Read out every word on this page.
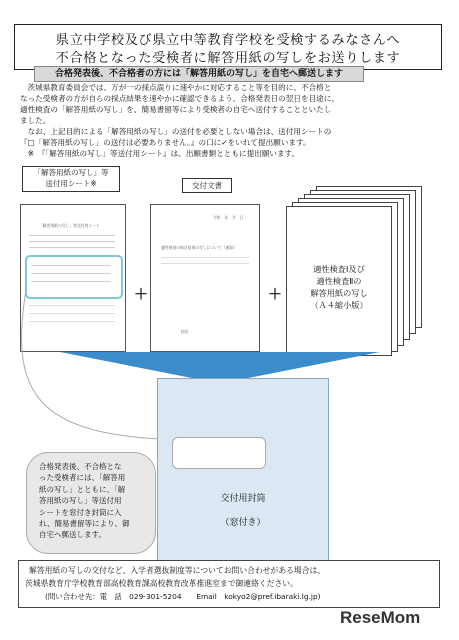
県立中学校及び県立中等教育学校を受検するみなさんへ
不合格となった受検者に解答用紙の写しをお送りします
合格発表後、不合格者の方には「解答用紙の写し」を自宅へ郵送します
　茨城県教育委員会では、万が一の採点誤りに速やかに対応すること等を目的に、不合格と
なった受検者の方が自らの採点結果を速やかに確認できるよう、合格発表日の翌日を目途に、
適性検査の「解答用紙の写し」を、簡易書留等により受検者の自宅へ送付することといたし
ました。
　なお、上記目的による「解答用紙の写し」の送付を必要としない場合は、送付用シートの
『□「解答用紙の写し」の送付は必要ありません。』の口に✓をいれて提出願います。
　※　『「解答用紙の写し」等送付用シート』は、出願書類とともに提出願います。
「解答用紙の写し」等
送付用シート※
「解答用紙の写し」等送付用シート
＋
交付文書
令和　年　月　日
適性検査の採点結果の写しについて（通知）
校長
＋
適性検査Ⅰ及び
適性検査Ⅱの
解答用紙の写し
（Ａ４縮小版）
交付用封筒
（窓付き）
合格発表後、不合格とな
った受検者には、「解答用
紙の写し」とともに、「解
答用紙の写し」等送付用
シートを窓付き封筒に入
れ、簡易書留等により、御
自宅へ郵送します。
解答用紙の写しの交付など、入学者選抜制度等についてお問い合わせがある場合は、
茨城県教育庁学校教育部高校教育課高校教育改革推進室まで御連絡ください。
(問い合わせ先：電　話　029-301-5204　　Email　kokyo2@pref.ibaraki.lg.jp)
ReseMom
